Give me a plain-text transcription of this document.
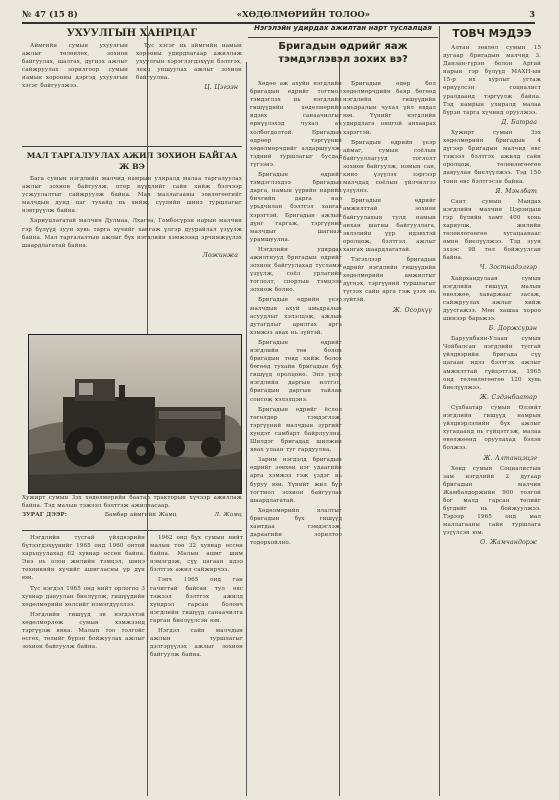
№ 47 (15 8)	«ХӨДӨЛМӨРИЙН ТОЛОО»	3
Нэгэлэйн удирдах ажилтан нарт туслалцая
УХУУЛГЫН ХАНРЦАГ

Аймгийн сумын ухуулгын ажлыг төлөвлөх, зохион байгуулах, шалгах, дүгнэх ажлыг сайжруулах зорилгоор сумын намын хорооны дэргэд ухуулгын хэсэг байгуулжээ.

Тус хэсэг нь аймгийн намын хорооны удирдлагаар ажиллаж ухуулгын хэрэглэгдэхүүн бэлтгэх, лекц уншуулах ажлыг зохион байгуулна.

Ц. Цэгээн
МАЛ ТАРГАЛУУЛАХ АЖИЛ ЗОХИОН БАЙГАА Ж ВЭ

Бага сумын нэгдлийн малчид намрын улиралд малаа таргалуулах ажлыг зохион байгуулж, отор нүүдлийг сайн хийж бэлчээр усжуулалтыг сайжруулж байна. Мал маллагааны зөвлөгөөгийг малчдын дунд цаг тухайд нь хийж, сүүлийн шинэ туршлагыг нэвтрүүлж байна.

Хариуцлагатай малчин Дулмаа, Лхагва, Гомбосүрэн нарын малчин гэр бүлүүд зуун хувь тарга хүчийг хангаж үлгэр дуурайлал үзүүлж байна. Мал таргалалтын ажлыг бүх нэгдлийн хэмжээнд эрчимжүүлэх шаардлагатай байна.

Ложинжа
Хужирт сумын Зэх хөдөлмөрийн баатар тракторын хүчээр ажиллаж байна. Тэд малын тэжээл бэлтгэж ажилласаар.
ЗУРАГ ДЭЭР:	Бамбар аймгийн Жамц	Л. Жамц

Нэгдлийн тусгай үйлдвэрийн бүтээгдэхүүнийг 1965 онд 1960 онтой харьцуулахад 62 хувиар өссөн байна. Энэ нь олон жилийн тэмцэл, шинэ техникийн хүчийг ашигласны үр дүн юм.

Тус нэгдэл 1965 онд нийт орлогоо 3 хувиар давуулан биелүүлж, гишүүдийн хөдөлмөрийн хөлсийг нэмэгдүүллээ.

Нэгдлийн гишүүд эв нэгдэлтэй хөдөлмөрлөж сумын хэмжээнд тэргүүлж явна. Малын тоо толгойг өсгөх, төлийг бүрэн бойжуулах ажлыг зохион байгуулж байна.

1962 онд бүх сумын нийт малын тоо 32 хувиар өссөн байна. Малын ашиг шим нэмэгдэж, сүү цагаан идээ бэлтгэх ажил сайжирчээ.

Гэвч 1965 онд ган гачигтай байсан тул өвс тэжээл бэлтгэх ажилд хүндрэл гарсан боловч нэгдлийн гишүүд санаачилга гарган биелүүлсэн юм.

Нэгдэл сайн малчдын ажлын туршлагыг дэлгэрүүлэх ажлыг зохион байгуулж байна.

Бригадын өдрийг яаж тэмдэглэвэл зохих вэ?

Хөдөө аж ахуйн нэгдлийн бригадын өдрийг тогтмол тэмдэглэх нь нэгдлийн гишүүдийн хөдөлмөрийн идэвх санаачилгыг өрнүүлэхэд чухал ач холбогдолтой. Бригадын өдрөөр тэргүүний хөдөлмөрчдийг алдаршуулж, тэдний туршлагыг бусдад түгээнэ.

Бригадын өдрийг тэмдэглэхдээ бригадын дарга, намын үүрийн нарийн бичгийн дарга нар урьдчилан бэлтгэл хангах хэрэгтэй. Бригадын ажлын дүнг гаргаж, тэргүүний малчдыг шагнаж урамшуулна.

Нэгдлийн удирдах ажилтнууд бригадын өдрийг зохион байгуулахад тусламж үзүүлж, соёл урлагийн тоглолт, спортын тэмцээн зохиож болно.

Бригадын өдрийн үеэр малчдын ахуй амьдралын асуудлыг хэлэлцэж, ажлын дутагдлыг арилгах арга хэмжээ авах нь зүйтэй.

Бригадын өдрийг нэгдлийн төв болон бригадын төвд хийж болох бөгөөд тухайн бригадын бүх гишүүд оролцоно. Энэ үеэр нэгдлийн даргын илтгэл, бригадын даргын тайлан сонсож хэлэлцэнэ.

Бригадын өдрийг ёслол төгөлдөр тэмдэглэж, тэргүүний малчдын зургийг хүндэт самбарт байрлуулна. Шилдэг бригадад шилжин явах улаан туг гардуулна.

Зарим нэгдэлд бригадын өдрийг зөвхөн нэг удаагийн арга хэмжээ гэж үздэг нь буруу юм. Үүнийг жил бүр тогтмол зохион байгуулах шаардлагатай.

Хөдөлмөрийн ялалтыг бригадын бүх гишүүд хамтдаа тэмдэглэж, дараагийн зорилтоо тодорхойлно.

Бригадын өдөр бол хөдөлмөрчдийн баяр бөгөөд нэгдлийн гишүүдийн амьдралын чухал үйл явдал юм. Үүнийг нэгдлийн удирдлага онцгой анхаарах хэрэгтэй.

Бригадын өдрийн үеэр аймаг, сумын соёлын байгууллагууд тоглолт зохион байгуулж, номын сан, кино үзүүлэх зэргээр малчдад соёлын үйлчилгээ үзүүлнэ.

Бригадын өдрийг амжилттай зохион байгуулахын тулд намын анхан шатны байгууллага, эвлэлийн үүр идэвхтэй оролцож, бэлтгэл ажлыг хангах шаардлагатай.

Тэгэхлээр бригадын өдрийг нэгдлийн гишүүдийн хөдөлмөрийн амжилтыг дүгнэх, тэргүүний туршлагыг түгээх сайн арга гэж үзэх нь зүйтэй.

Ж. Осорхүү
ТОВЧ МЭДЭЭ

Алтан зөвлөл сумын 15 дугаар бригадын малчид 3. Данзан-гүрэн болон Аргай нарын гэр бүлүүд МАХН-ын 15-р их хурлыг угтаж өрнүүлсэн социалист уралдаанд тэргүүлж байна. Тэд намрын улиралд малаа бүрэн тарга хүчинд оруулжээ.

Д. Батраа

Хужирт сумын Зэх хөдөлмөрийн бригадын 4 дүгээр бригадын малчид өвс тэжээл бэлтгэх ажилд сайн оролцож, төлөвлөгөөгөө давуулан биелүүлжээ. Тэд 150 тонн өвс бэлтгэсэн байна.

Я. Мэнлбат

Сант сумын Мандах нэгдлийн малчин Цэрэндаш гэр бүлийн хамт 400 хонь хариулж, жилийн төлөвлөгөөгөө хугацаанаас өмнө биелүүлжээ. Тэд зуун эхээс 98 төл бойжуулсан байна.

Ч. Зостнадэлгэр

Хайрхандулаан сумын нэгдлийн гишүүд малын өвөлжөө, хаваржааг засаж, сайжруулах ажлыг хийж дуусгажээ. Мөн хашаа хороо шинээр барьжээ.

Б. Доржсүрэн

Баруунбаян-Улаан сумын Чойбалсан нэгдлийн тусгай үйлдвэрийн бригада сүү цагаан идээ бэлтгэх ажлыг амжилттай гүйцэтгэж, 1965 онд төлөвлөгөөгөө 120 хувь биелүүлжээ.

Ж. Сэдэнбаатар

Сүхбаатар сумын Өлзийт нэгдлийн гишүүд намрын үйлдвэрлэлийн бүх ажлыг хугацаанд нь гүйцэтгэж, малаа өвөлжөөнд оруулахад бэлэн болжээ.

Ж. Алтанцэцэг

Хөвд сумын Социалистын зам нэгдлийн 2 дугаар бригадын малчин Жамбалдоржийн 900 толгой бог малд гарсан төлийг бүгдийг нь бойжуулжээ. Тэрээр 1965 онд мал маллагааны сайн туршлага үзүүлсэн юм.

О. Жамчандорж
